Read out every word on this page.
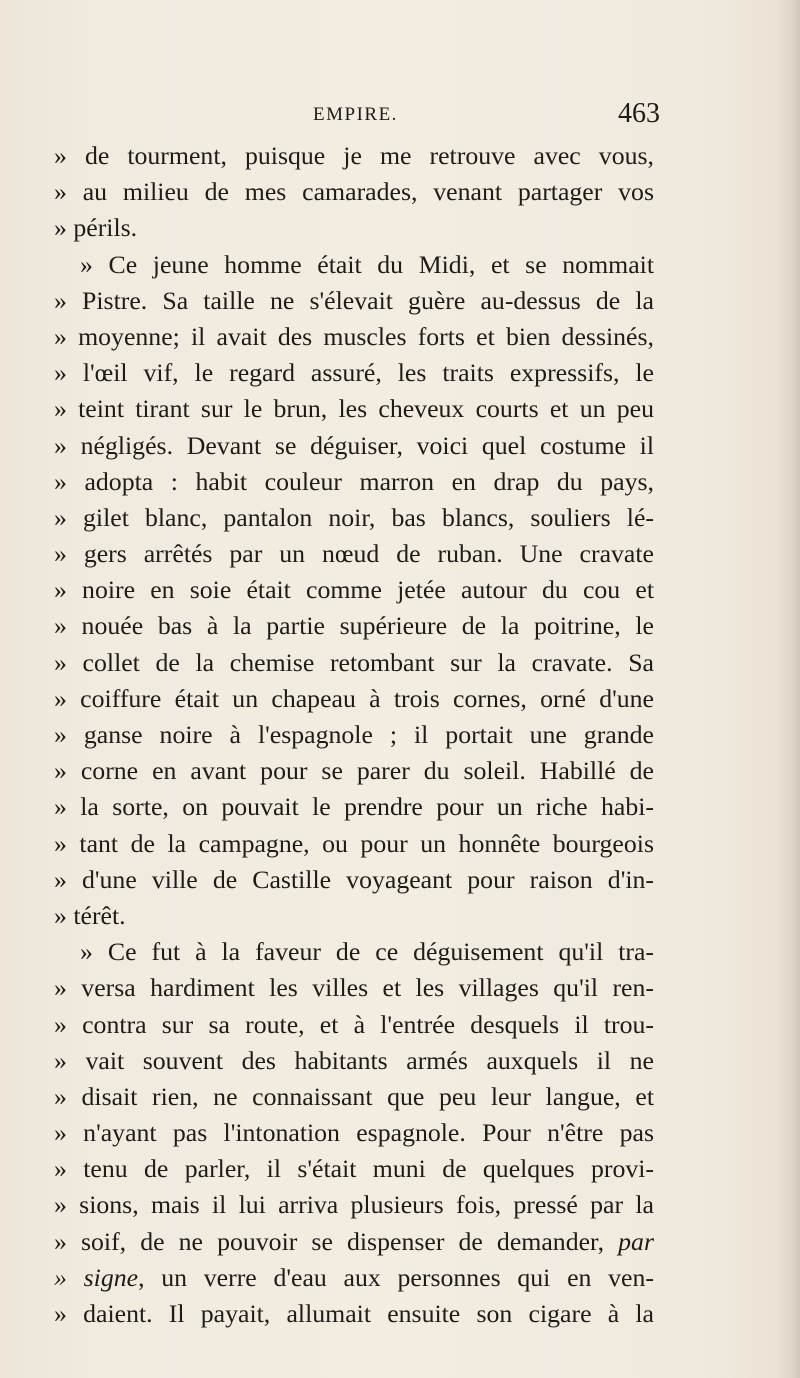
EMPIRE.	463
» de tourment, puisque je me retrouve avec vous,
» au milieu de mes camarades, venant partager vos
» périls.
» Ce jeune homme était du Midi, et se nommait
» Pistre. Sa taille ne s'élevait guère au-dessus de la
» moyenne; il avait des muscles forts et bien dessinés,
» l'œil vif, le regard assuré, les traits expressifs, le
» teint tirant sur le brun, les cheveux courts et un peu
» négligés. Devant se déguiser, voici quel costume il
» adopta : habit couleur marron en drap du pays,
» gilet blanc, pantalon noir, bas blancs, souliers lé-
» gers arrêtés par un nœud de ruban. Une cravate
» noire en soie était comme jetée autour du cou et
» nouée bas à la partie supérieure de la poitrine, le
» collet de la chemise retombant sur la cravate. Sa
» coiffure était un chapeau à trois cornes, orné d'une
» ganse noire à l'espagnole ; il portait une grande
» corne en avant pour se parer du soleil. Habillé de
» la sorte, on pouvait le prendre pour un riche habi-
» tant de la campagne, ou pour un honnête bourgeois
» d'une ville de Castille voyageant pour raison d'in-
» térêt.
» Ce fut à la faveur de ce déguisement qu'il tra-
» versa hardiment les villes et les villages qu'il ren-
» contra sur sa route, et à l'entrée desquels il trou-
» vait souvent des habitants armés auxquels il ne
» disait rien, ne connaissant que peu leur langue, et
» n'ayant pas l'intonation espagnole. Pour n'être pas
» tenu de parler, il s'était muni de quelques provi-
» sions, mais il lui arriva plusieurs fois, pressé par la
» soif, de ne pouvoir se dispenser de demander, par
» signe, un verre d'eau aux personnes qui en ven-
» daient. Il payait, allumait ensuite son cigare à la
